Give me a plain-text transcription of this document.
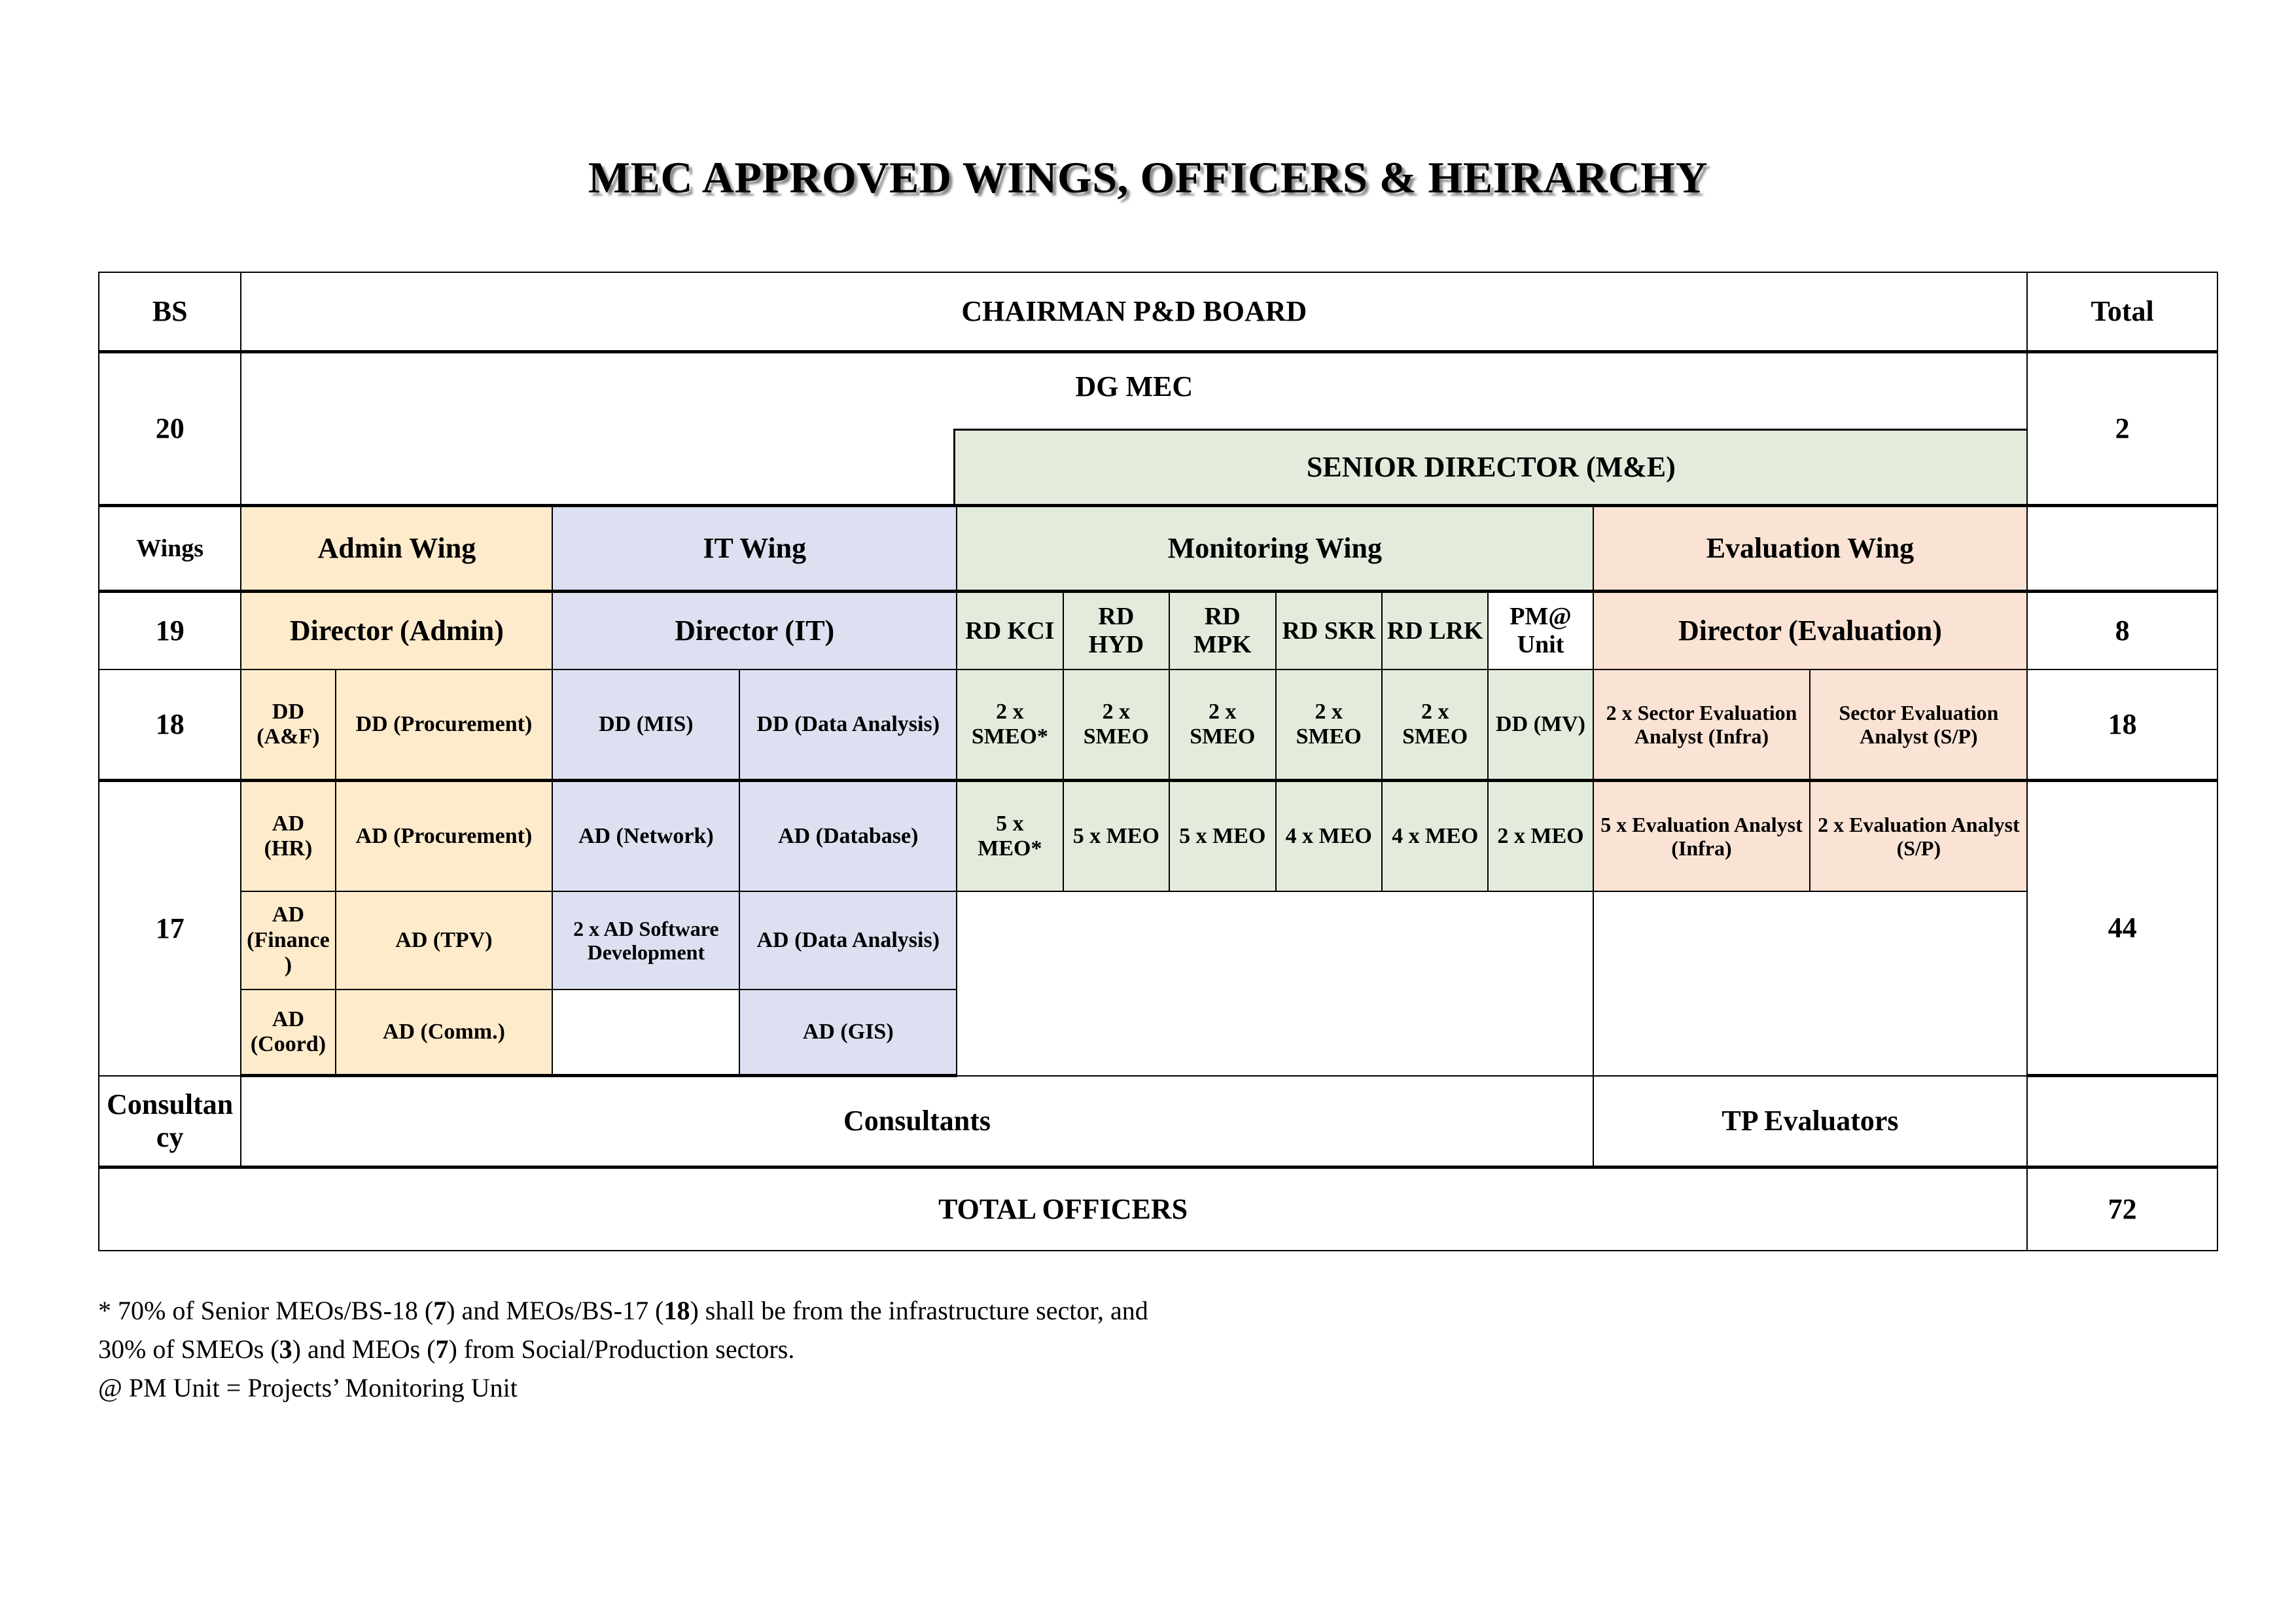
MEC APPROVED WINGS, OFFICERS & HEIRARCHY
BS	CHAIRMAN P&D BOARD												Total
20	DG MEC
SENIOR DIRECTOR (M&E)												2
Wings	Admin Wing		IT Wing		Monitoring Wing						Evaluation Wing		
19	Director (Admin)		Director (IT)		RD KCI	RD HYD	RD MPK	RD SKR	RD LRK	PM@ Unit	Director (Evaluation)		8
18	DD (A&F)	DD (Procurement)	DD (MIS)	DD (Data Analysis)	2 x SMEO*	2 x SMEO	2 x SMEO	2 x SMEO	2 x SMEO	DD (MV)	2 x Sector Evaluation Analyst (Infra)	Sector Evaluation Analyst (S/P)	18
17	AD (HR)	AD (Procurement)	AD (Network)	AD (Database)	5 x MEO*	5 x MEO	5 x MEO	4 x MEO	4 x MEO	2 x MEO	5 x Evaluation Analyst (Infra)	2 x Evaluation Analyst (S/P)	44
	AD (Finance)	AD (TPV)	2 x AD Software Development	AD (Data Analysis)									
	AD (Coord)	AD (Comm.)		AD (GIS)									
Consultancy	Consultants										TP Evaluators		
TOTAL OFFICERS													72

* 70% of Senior MEOs/BS-18 (7) and MEOs/BS-17 (18) shall be from the infrastructure sector, and

30% of SMEOs (3) and MEOs (7) from Social/Production sectors.

@ PM Unit = Projects’ Monitoring Unit
